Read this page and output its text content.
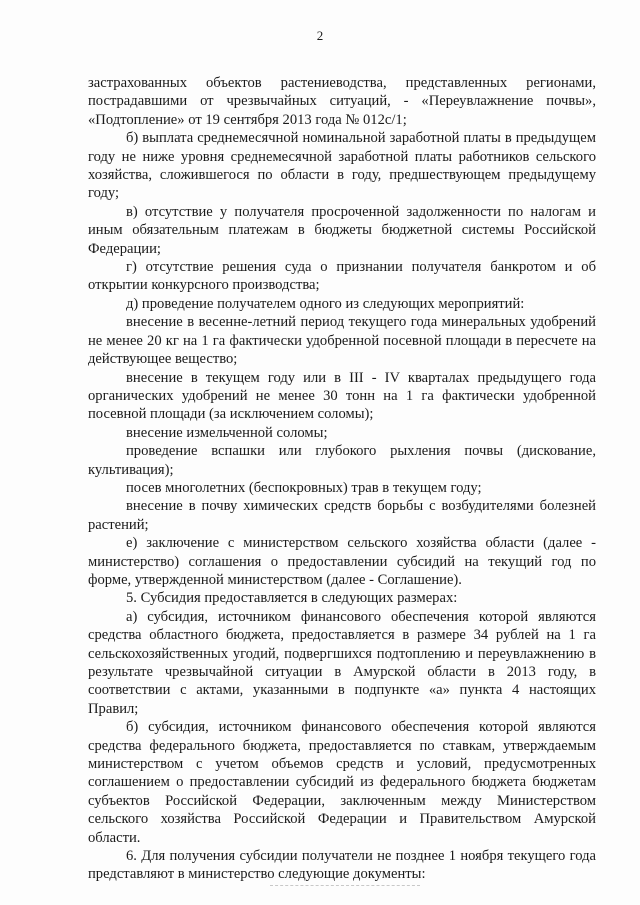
2

застрахованных объектов растениеводства, представленных регионами, пострадавшими от чрезвычайных ситуаций, - «Переувлажнение почвы», «Подтопление» от 19 сентября 2013 года № 012с/1;

б) выплата среднемесячной номинальной заработной платы в предыдущем году не ниже уровня среднемесячной заработной платы работников сельского хозяйства, сложившегося по области в году, предшествующем предыдущему году;

в) отсутствие у получателя просроченной задолженности по налогам и иным обязательным платежам в бюджеты бюджетной системы Российской Федерации;

г) отсутствие решения суда о признании получателя банкротом и об открытии конкурсного производства;

д) проведение получателем одного из следующих мероприятий:

внесение в весенне-летний период текущего года минеральных удобрений не менее 20 кг на 1 га фактически удобренной посевной площади в пересчете на действующее вещество;

внесение в текущем году или в III - IV кварталах предыдущего года органических удобрений не менее 30 тонн на 1 га фактически удобренной посевной площади (за исключением соломы);

внесение измельченной соломы;

проведение вспашки или глубокого рыхления почвы (дискование, культивация);

посев многолетних (беспокровных) трав в текущем году;

внесение в почву химических средств борьбы с возбудителями болезней растений;

е) заключение с министерством сельского хозяйства области (далее - министерство) соглашения о предоставлении субсидий на текущий год по форме, утвержденной министерством (далее - Соглашение).

5. Субсидия предоставляется в следующих размерах:

а) субсидия, источником финансового обеспечения которой являются средства областного бюджета, предоставляется в размере 34 рублей на 1 га сельскохозяйственных угодий, подвергшихся подтоплению и переувлажнению в результате чрезвычайной ситуации в Амурской области в 2013 году, в соответствии с актами, указанными в подпункте «а» пункта 4 настоящих Правил;

б) субсидия, источником финансового обеспечения которой являются средства федерального бюджета, предоставляется по ставкам, утверждаемым министерством с учетом объемов средств и условий, предусмотренных соглашением о предоставлении субсидий из федерального бюджета бюджетам субъектов Российской Федерации, заключенным между Министерством сельского хозяйства Российской Федерации и Правительством Амурской области.

6. Для получения субсидии получатели не позднее 1 ноября текущего года представляют в министерство следующие документы:
